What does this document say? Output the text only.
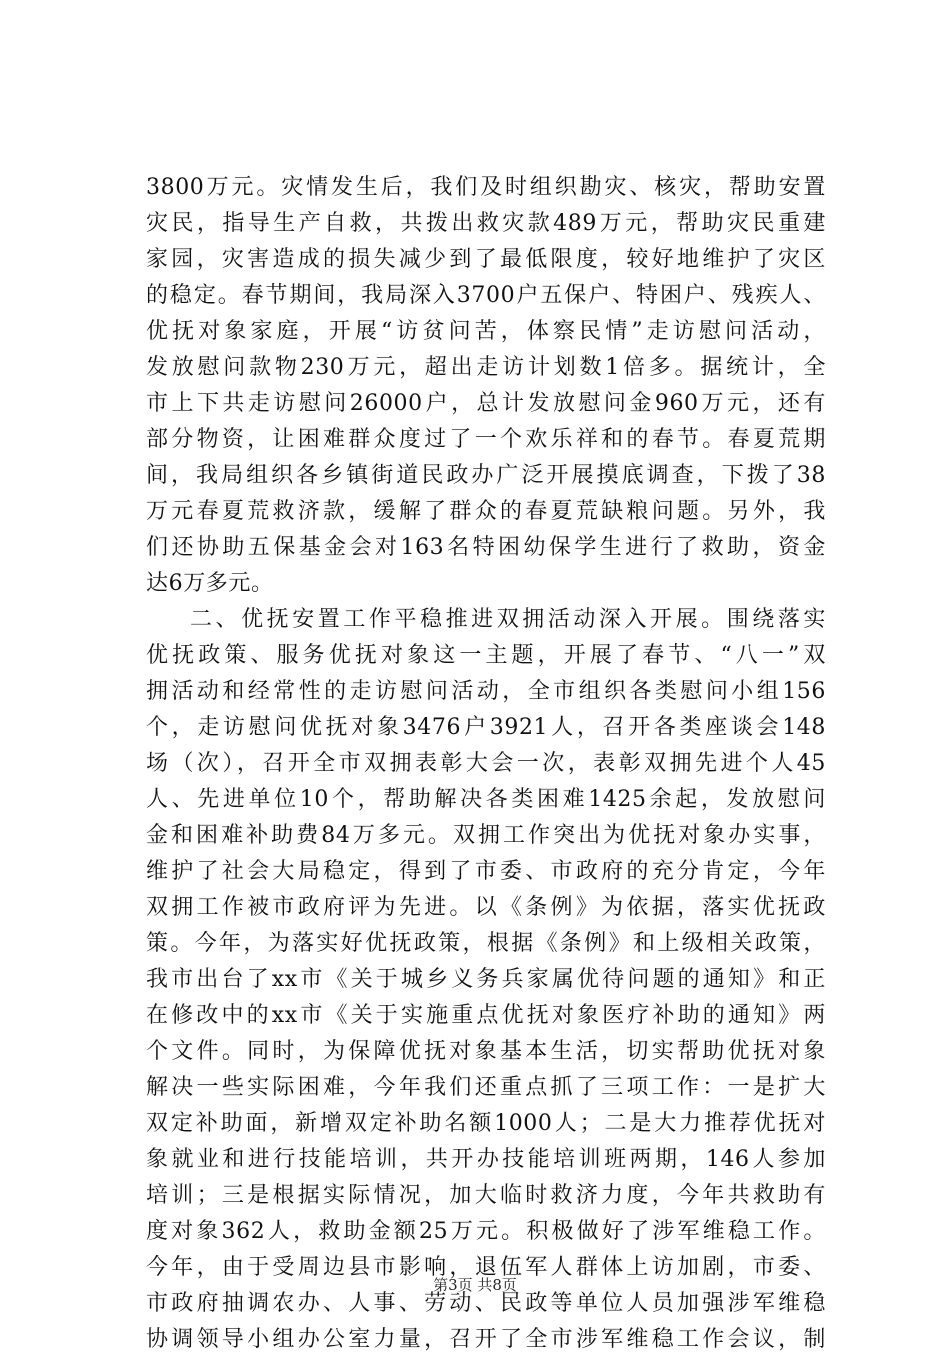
3800万元。灾情发生后，我们及时组织勘灾、核灾，帮助安置
灾民，指导生产自救，共拨出救灾款489万元，帮助灾民重建
家园，灾害造成的损失减少到了最低限度，较好地维护了灾区
的稳定。春节期间，我局深入3700户五保户、特困户、残疾人、
优抚对象家庭，开展“访贫问苦，体察民情”走访慰问活动，
发放慰问款物230万元，超出走访计划数1倍多。据统计，全
市上下共走访慰问26000户，总计发放慰问金960万元，还有
部分物资，让困难群众度过了一个欢乐祥和的春节。春夏荒期
间，我局组织各乡镇街道民政办广泛开展摸底调查，下拨了38
万元春夏荒救济款，缓解了群众的春夏荒缺粮问题。另外，我
们还协助五保基金会对163名特困幼保学生进行了救助，资金
达6万多元。
二、优抚安置工作平稳推进双拥活动深入开展。围绕落实
优抚政策、服务优抚对象这一主题，开展了春节、“八一”双
拥活动和经常性的走访慰问活动，全市组织各类慰问小组156
个，走访慰问优抚对象3476户3921人，召开各类座谈会148
场（次），召开全市双拥表彰大会一次，表彰双拥先进个人45
人、先进单位10个，帮助解决各类困难1425余起，发放慰问
金和困难补助费84万多元。双拥工作突出为优抚对象办实事，
维护了社会大局稳定，得到了市委、市政府的充分肯定，今年
双拥工作被市政府评为先进。以《条例》为依据，落实优抚政
策。今年，为落实好优抚政策，根据《条例》和上级相关政策，
我市出台了xx市《关于城乡义务兵家属优待问题的通知》和正
在修改中的xx市《关于实施重点优抚对象医疗补助的通知》两
个文件。同时，为保障优抚对象基本生活，切实帮助优抚对象
解决一些实际困难，今年我们还重点抓了三项工作：一是扩大
双定补助面，新增双定补助名额1000人；二是大力推荐优抚对
象就业和进行技能培训，共开办技能培训班两期，146人参加
培训；三是根据实际情况，加大临时救济力度，今年共救助有
度对象362人，救助金额25万元。积极做好了涉军维稳工作。
今年，由于受周边县市影响，退伍军人群体上访加剧，市委、
市政府抽调农办、人事、劳动、民政等单位人员加强涉军维稳
协调领导小组办公室力量，召开了全市涉军维稳工作会议，制
第3页 共8页
